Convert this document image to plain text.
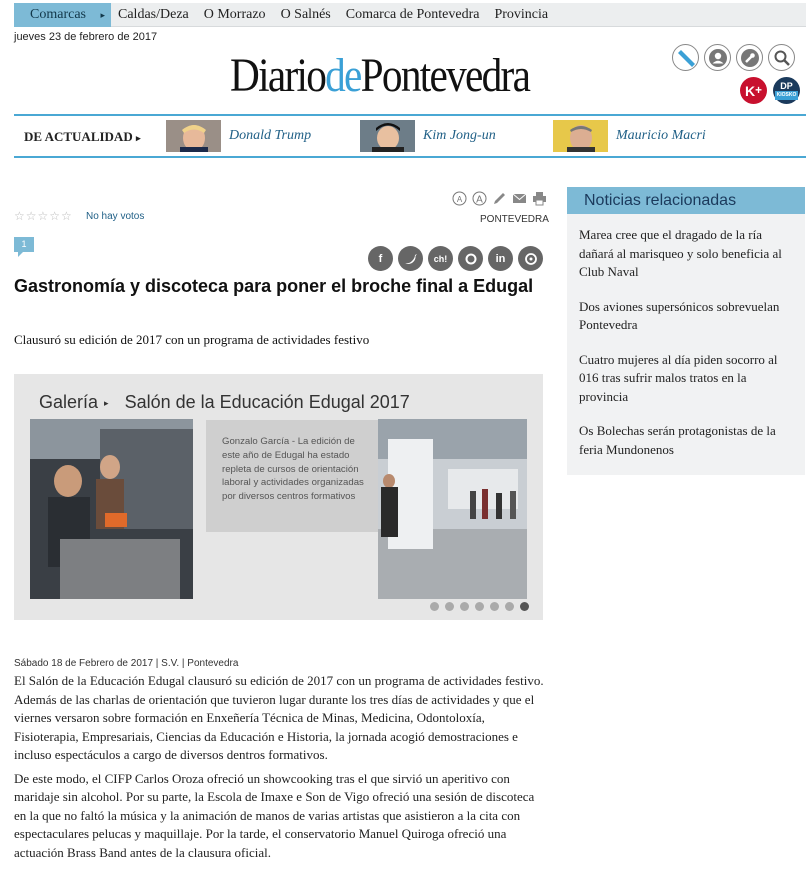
Comarcas ▸ Caldas/Deza O Morrazo O Salnés Comarca de Pontevedra Provincia
jueves 23 de febrero de 2017
DiariodePontevedra	K + DP
KIOSKO
DE ACTUALIDAD ▸	Donald Trump	Kim Jong-un	Mauricio Macri
A A
PONTEVEDRA
☆☆☆☆☆ No hay votos
1
f	ch!	in
Gastronomía y discoteca para poner el broche final a Edugal
Clausuró su edición de 2017 con un programa de actividades festivo
Galería ▸ Salón de la Educación Edugal 2017
Gonzalo García - La edición de este año de Edugal ha estado repleta de cursos de orientación laboral y actividades organizadas por diversos centros formativos
Sábado 18 de Febrero de 2017 | S.V. | Pontevedra

El Salón de la Educación Edugal clausuró su edición de 2017 con un programa de actividades festivo. Además de las charlas de orientación que tuvieron lugar durante los tres días de actividades y que el viernes versaron sobre formación en Enxeñería Técnica de Minas, Medicina, Odontoloxía, Fisioterapia, Empresariais, Ciencias da Educación e Historia, la jornada acogió demostraciones e incluso espectáculos a cargo de diversos dentros formativos.

De este modo, el CIFP Carlos Oroza ofreció un showcooking tras el que sirvió un aperitivo con maridaje sin alcohol. Por su parte, la Escola de Imaxe e Son de Vigo ofreció una sesión de discoteca en la que no faltó la música y la animación de manos de varias artistas que asistieron a la cita con espectaculares pelucas y maquillaje. Por la tarde, el conservatorio Manuel Quiroga ofreció una actuación Brass Band antes de la clausura oficial.

Noticias relacionadas
Marea cree que el dragado de la ría dañará al marisqueo y solo beneficia al Club Naval
Dos aviones supersónicos sobrevuelan Pontevedra
Cuatro mujeres al día piden socorro al 016 tras sufrir malos tratos en la provincia
Os Bolechas serán protagonistas de la feria Mundonenos
